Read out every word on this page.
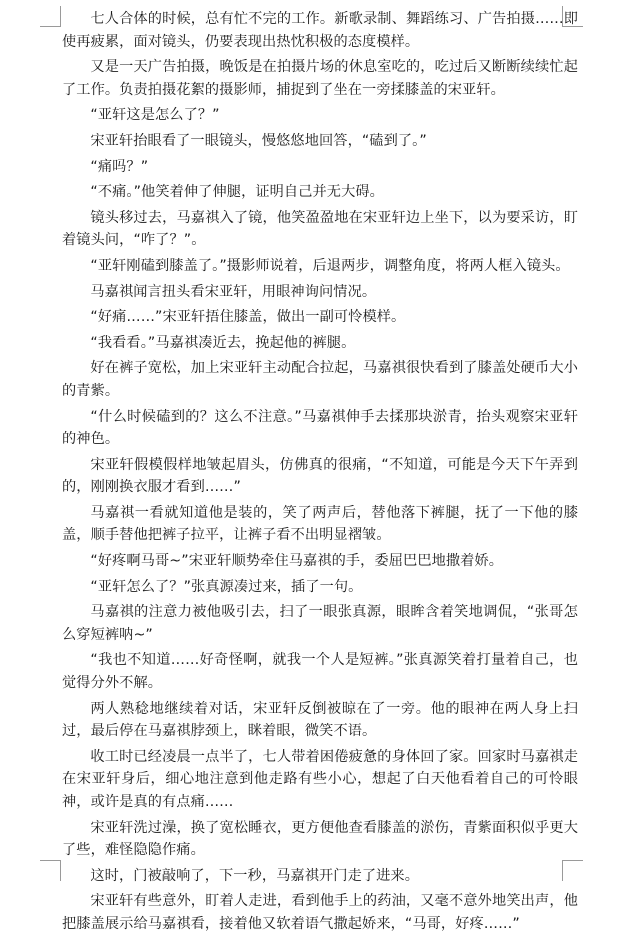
七人合体的时候，总有忙不完的工作。新歌录制、舞蹈练习、广告拍摄……即使再疲累，面对镜头，仍要表现出热忱积极的态度模样。

又是一天广告拍摄，晚饭是在拍摄片场的休息室吃的，吃过后又断断续续忙起了工作。负责拍摄花絮的摄影师，捕捉到了坐在一旁揉膝盖的宋亚轩。

“亚轩这是怎么了？”

宋亚轩抬眼看了一眼镜头，慢悠悠地回答，“磕到了。”

“痛吗？”

“不痛。”他笑着伸了伸腿，证明自己并无大碍。

镜头移过去，马嘉祺入了镜，他笑盈盈地在宋亚轩边上坐下，以为要采访，盯着镜头问，“咋了？”。

“亚轩刚磕到膝盖了。”摄影师说着，后退两步，调整角度，将两人框入镜头。

马嘉祺闻言扭头看宋亚轩，用眼神询问情况。

“好痛……”宋亚轩捂住膝盖，做出一副可怜模样。

“我看看。”马嘉祺凑近去，挽起他的裤腿。

好在裤子宽松，加上宋亚轩主动配合拉起，马嘉祺很快看到了膝盖处硬币大小的青紫。

“什么时候磕到的？这么不注意。”马嘉祺伸手去揉那块淤青，抬头观察宋亚轩的神色。

宋亚轩假模假样地皱起眉头，仿佛真的很痛，“不知道，可能是今天下午弄到的，刚刚换衣服才看到……”

马嘉祺一看就知道他是装的，笑了两声后，替他落下裤腿，抚了一下他的膝盖，顺手替他把裤子拉平，让裤子看不出明显褶皱。

“好疼啊马哥~”宋亚轩顺势牵住马嘉祺的手，委屈巴巴地撒着娇。

“亚轩怎么了？”张真源凑过来，插了一句。

马嘉祺的注意力被他吸引去，扫了一眼张真源，眼眸含着笑地调侃，“张哥怎么穿短裤呐~”

“我也不知道……好奇怪啊，就我一个人是短裤。”张真源笑着打量着自己，也觉得分外不解。

两人熟稔地继续着对话，宋亚轩反倒被晾在了一旁。他的眼神在两人身上扫过，最后停在马嘉祺脖颈上，眯着眼，微笑不语。

收工时已经凌晨一点半了，七人带着困倦疲惫的身体回了家。回家时马嘉祺走在宋亚轩身后，细心地注意到他走路有些小心，想起了白天他看着自己的可怜眼神，或许是真的有点痛……

宋亚轩洗过澡，换了宽松睡衣，更方便他查看膝盖的淤伤，青紫面积似乎更大了些，难怪隐隐作痛。

这时，门被敲响了，下一秒，马嘉祺开门走了进来。

宋亚轩有些意外，盯着人走进，看到他手上的药油，又毫不意外地笑出声，他把膝盖展示给马嘉祺看，接着他又软着语气撒起娇来，“马哥，好疼……”
